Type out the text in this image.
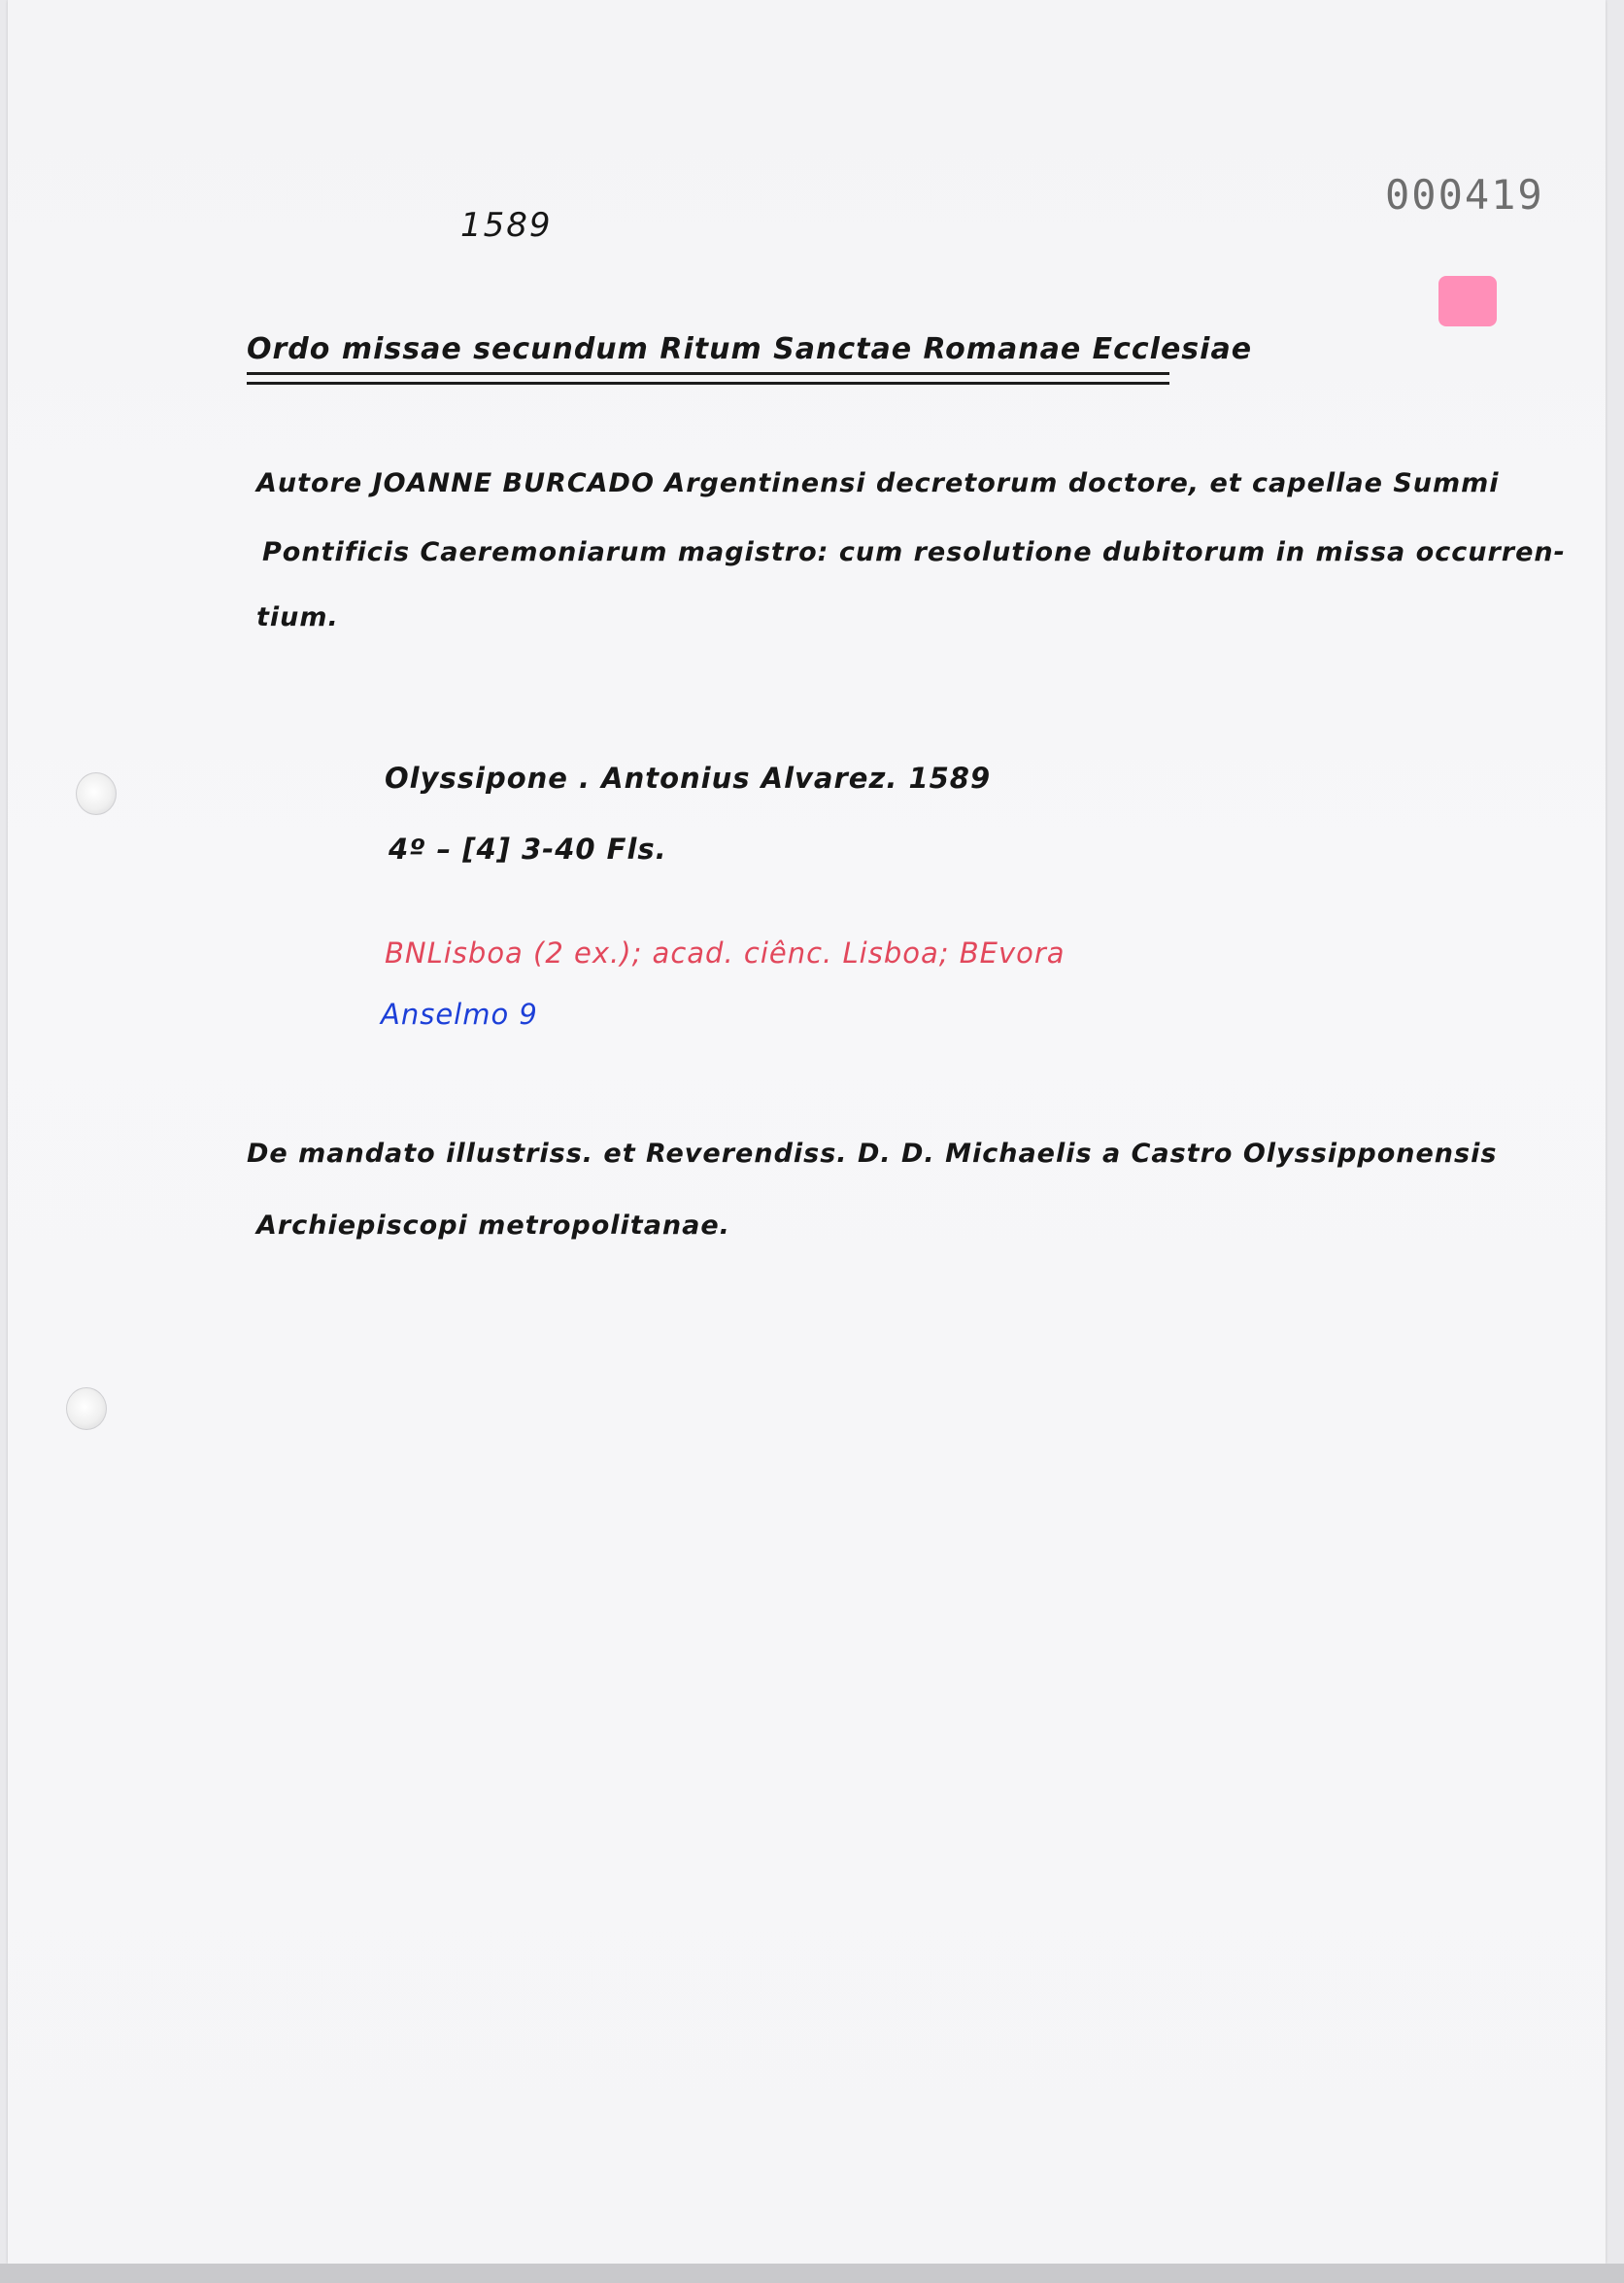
1589
000419
Ordo missae secundum Ritum Sanctae Romanae Ecclesiae
Autore JOANNE BURCADO Argentinensi decretorum doctore, et capellae Summi
Pontificis Caeremoniarum magistro: cum resolutione dubitorum in missa occurren-
tium.
Olyssipone . Antonius Alvarez. 1589
4º – [4] 3-40 Fls.
BNLisboa (2 ex.); acad. ciênc. Lisboa; BEvora
Anselmo 9
De mandato illustriss. et Reverendiss. D. D. Michaelis a Castro Olyssipponensis
Archiepiscopi metropolitanae.
